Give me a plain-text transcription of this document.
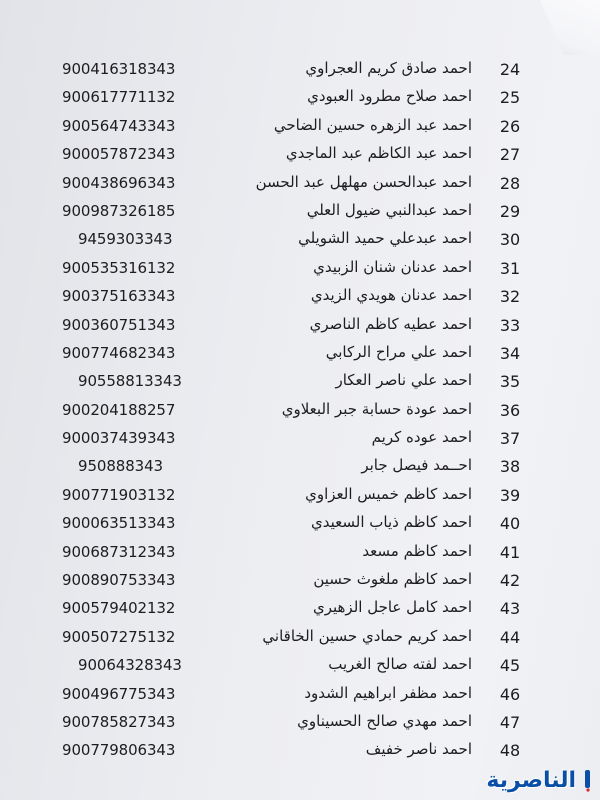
900416318343	احمد صادق كريم العجراوي	24
900617771132	احمد صلاح مطرود العبودي	25
900564743343	احمد عبد الزهره حسين الضاحي	26
900057872343	احمد عبد الكاظم عبد الماجدي	27
900438696343	احمد عبدالحسن مهلهل عبد الحسن	28
900987326185	احمد عبدالنبي ضيول العلي	29
9459303343	احمد عبدعلي حميد الشويلي	30
900535316132	احمد عدنان شنان الزبيدي	31
900375163343	احمد عدنان هويدي الزيدي	32
900360751343	احمد عطيه كاظم الناصري	33
900774682343	احمد علي مراح الركابي	34
90558813343	احمد علي ناصر العكار	35
900204188257	احمد عودة حسابة جبر البعلاوي	36
900037439343	احمد عوده كريم	37
950888343	احــمد فيصل جابر	38
900771903132	احمد كاظم خميس العزاوي	39
900063513343	احمد كاظم ذياب السعيدي	40
900687312343	احمد كاظم مسعد	41
900890753343	احمد كاظم ملغوث حسين	42
900579402132	احمد كامل عاجل الزهيري	43
900507275132	احمد كريم حمادي حسين الخاقاني	44
90064328343	احمد لفته صالح الغريب	45
900496775343	احمد مظفر ابراهيم الشدود	46
900785827343	احمد مهدي صالح الحسيناوي	47
900779806343	احمد ناصر خفيف	48
الناصرية
